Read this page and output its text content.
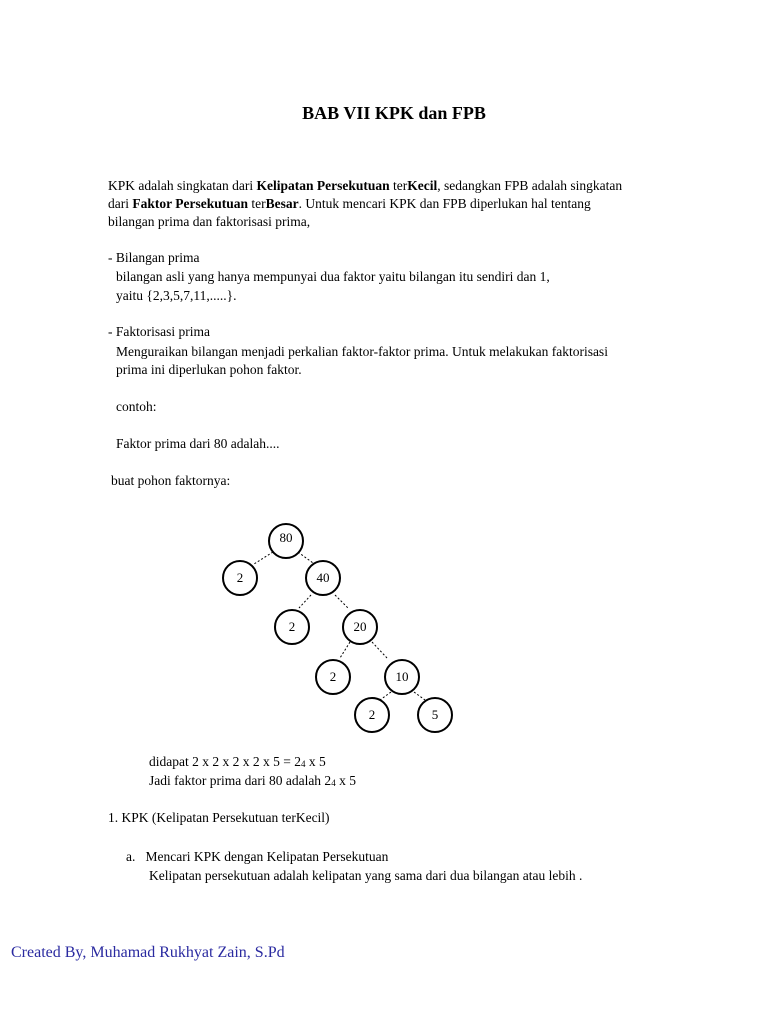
BAB VII KPK dan FPB
KPK adalah singkatan dari Kelipatan Persekutuan terKecil, sedangkan FPB adalah singkatan
dari Faktor Persekutuan terBesar. Untuk mencari KPK dan FPB diperlukan hal tentang
bilangan prima dan faktorisasi prima,
- Bilangan prima
bilangan asli yang hanya mempunyai dua faktor yaitu bilangan itu sendiri dan 1,
yaitu {2,3,5,7,11,.....}.
- Faktorisasi prima
Menguraikan bilangan menjadi perkalian faktor-faktor prima. Untuk melakukan faktorisasi
prima ini diperlukan pohon faktor.
contoh:
Faktor prima dari 80 adalah....
buat pohon faktornya:
80
2	40
2	20
2	10
2	5
didapat 2 x 2 x 2 x 2 x $5 = 2_4$ x 5
Jadi faktor prima dari 80 adalah $2_4$ x 5
1. KPK (Kelipatan Persekutuan terKecil)
a.   Mencari KPK dengan Kelipatan Persekutuan
Kelipatan persekutuan adalah kelipatan yang sama dari dua bilangan atau lebih .
Created By, Muhamad Rukhyat Zain, S.Pd
